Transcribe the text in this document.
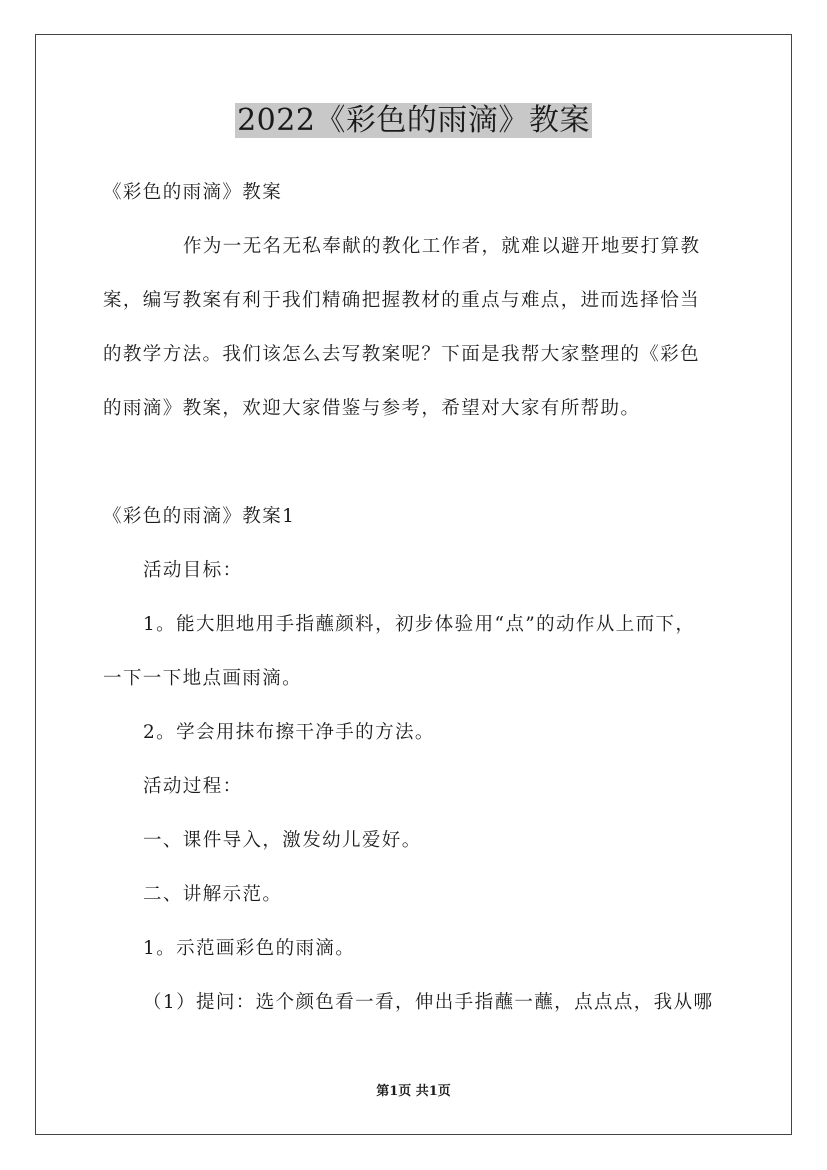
2022《彩色的雨滴》教案

《彩色的雨滴》教案

作为一无名无私奉献的教化工作者，就难以避开地要打算教

案，编写教案有利于我们精确把握教材的重点与难点，进而选择恰当

的教学方法。我们该怎么去写教案呢？下面是我帮大家整理的《彩色

的雨滴》教案，欢迎大家借鉴与参考，希望对大家有所帮助。

《彩色的雨滴》教案1

活动目标：

1。能大胆地用手指蘸颜料，初步体验用“点”的动作从上而下，

一下一下地点画雨滴。

2。学会用抹布擦干净手的方法。

活动过程：

一、课件导入，激发幼儿爱好。

二、讲解示范。

1。示范画彩色的雨滴。

（1）提问：选个颜色看一看，伸出手指蘸一蘸，点点点，我从哪

第1页 共1页
